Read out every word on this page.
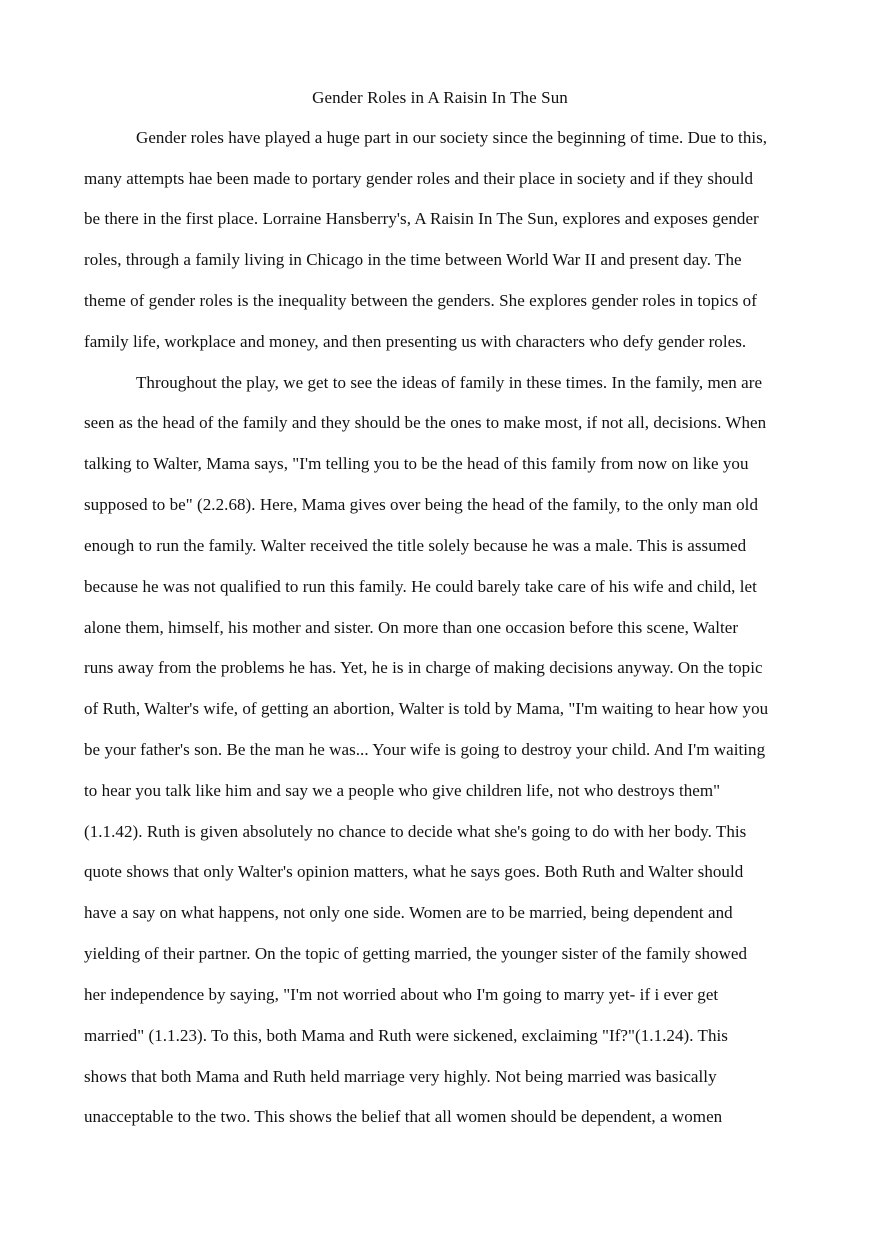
Gender Roles in A Raisin In The Sun
Gender roles have played a huge part in our society since the beginning of time. Due to this,
many attempts hae been made to portary gender roles and their place in society and if they should
be there in the first place. Lorraine Hansberry's, A Raisin In The Sun, explores and exposes gender
roles, through a family living in Chicago in the time between World War II and present day. The
theme of gender roles is the inequality between the genders. She explores gender roles in topics of
family life, workplace and money, and then presenting us with characters who defy gender roles.
Throughout the play, we get to see the ideas of family in these times. In the family, men are
seen as the head of the family and they should be the ones to make most, if not all, decisions. When
talking to Walter, Mama says, "I'm telling you to be the head of this family from now on like you
supposed to be" (2.2.68). Here, Mama gives over being the head of the family, to the only man old
enough to run the family. Walter received the title solely because he was a male. This is assumed
because he was not qualified to run this family. He could barely take care of his wife and child, let
alone them, himself, his mother and sister. On more than one occasion before this scene, Walter
runs away from the problems he has. Yet, he is in charge of making decisions anyway. On the topic
of Ruth, Walter's wife, of getting an abortion, Walter is told by Mama, "I'm waiting to hear how you
be your father's son. Be the man he was... Your wife is going to destroy your child. And I'm waiting
to hear you talk like him and say we a people who give children life, not who destroys them"
(1.1.42). Ruth is given absolutely no chance to decide what she's going to do with her body. This
quote shows that only Walter's opinion matters, what he says goes. Both Ruth and Walter should
have a say on what happens, not only one side. Women are to be married, being dependent and
yielding of their partner. On the topic of getting married, the younger sister of the family showed
her independence by saying, "I'm not worried about who I'm going to marry yet- if i ever get
married" (1.1.23). To this, both Mama and Ruth were sickened, exclaiming "If?"(1.1.24). This
shows that both Mama and Ruth held marriage very highly. Not being married was basically
unacceptable to the two. This shows the belief that all women should be dependent, a women
